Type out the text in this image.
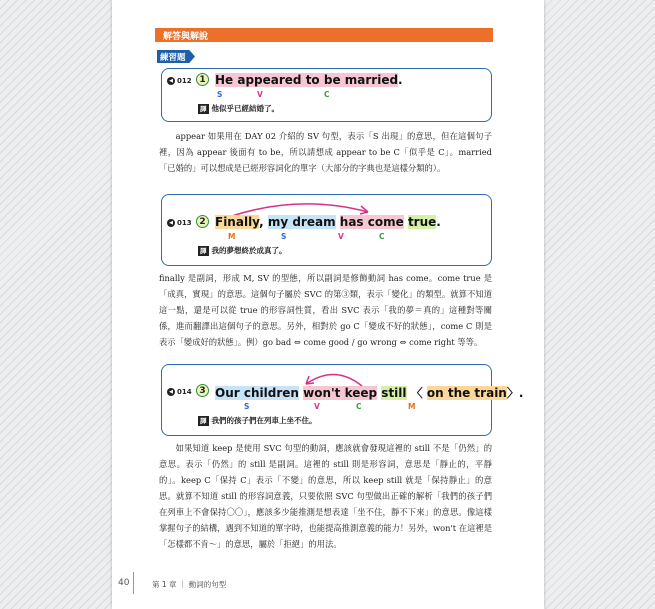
解答與解說
練習題
◀ 012 1 He appeared to be married.
S	V	C
譯 他似乎已經結婚了。

appear 如果用在 DAY 02 介紹的 SV 句型，表示「S 出現」的意思，但在這個句子裡，因為 appear 後面有 to be，所以請想成 appear to be C「似乎是 C」。married「已婚的」可以想成是已經形容詞化的單字（大部分的字典也是這樣分類的）。

◀ 013 2 Finally, my dream has come true.
M	S	V	C
譯 我的夢想終於成真了。

finally 是副詞，形成 M, SV 的型態，所以副詞是修飾動詞 has come。come true 是「成真，實現」的意思。這個句子屬於 SVC 的第③類，表示「變化」的類型。就算不知道這一點，還是可以從 true 的形容詞性質，看出 SVC 表示「我的夢＝真的」這種對等關係，進而翻譯出這個句子的意思。另外，相對於 go C「變成不好的狀態」，come C 則是表示「變成好的狀態」。例）go bad ⇔ come good / go wrong ⇔ come right 等等。

◀ 014 3 Our children won't keep still 〈 on the train〉.
S	V	C	M
譯 我們的孩子們在列車上坐不住。

如果知道 keep 是使用 SVC 句型的動詞，應該就會發現這裡的 still 不是「仍然」的意思。表示「仍然」的 still 是副詞。這裡的 still 則是形容詞，意思是「靜止的，平靜的」。keep C「保持 C」表示「不變」的意思，所以 keep still 就是「保持靜止」的意思。就算不知道 still 的形容詞意義，只要依照 SVC 句型做出正確的解析「我們的孩子們在列車上不會保持〇〇」，應該多少能推測是想表達「坐不住，靜不下來」的意思。像這樣掌握句子的結構，遇到不知道的單字時，也能提高推測意義的能力！另外，won't 在這裡是「怎樣都不肯～」的意思，屬於「拒絕」的用法。

40	第 1 章 ｜ 動詞的句型
